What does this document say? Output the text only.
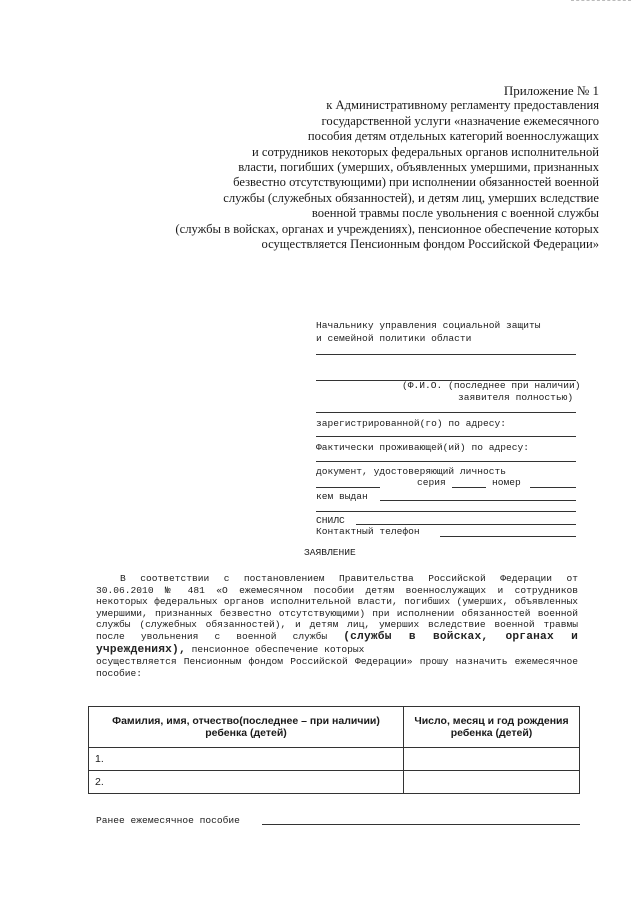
Приложение № 1
к Административному регламенту предоставления
государственной услуги «назначение ежемесячного
пособия детям отдельных категорий военнослужащих
и сотрудников некоторых федеральных органов исполнительной
власти, погибших (умерших, объявленных умершими, признанных
безвестно отсутствующими) при исполнении обязанностей военной
службы (служебных обязанностей), и детям лиц, умерших вследствие
военной травмы после увольнения с военной службы
(службы в войсках, органах и учреждениях), пенсионное обеспечение которых
осуществляется Пенсионным фондом Российской Федерации»
Начальнику управления социальной защиты
и семейной политики области
(Ф.И.О. (последнее при наличии)
заявителя полностью)
зарегистрированной(го) по адресу:
Фактически проживающей(ий) по адресу:
документ, удостоверяющий личность
серия	номер
кем выдан
СНИЛС
Контактный телефон
ЗАЯВЛЕНИЕ
В соответствии с постановлением Правительства Российской Федерации от 30.06.2010 № 481 «О ежемесячном пособии детям военнослужащих и сотрудников некоторых федеральных органов исполнительной власти, погибших (умерших, объявленных умершими, признанных безвестно отсутствующими) при исполнении обязанностей военной службы (служебных обязанностей), и детям лиц, умерших вследствие военной травмы после увольнения с военной службы (службы в войсках, органах и учреждениях), пенсионное обеспечение которых
осуществляется Пенсионным фондом Российской Федерации» прошу назначить ежемесячное пособие:
Фамилия, имя, отчество(последнее – при наличии) ребенка (детей)	Число, месяц и год рождения ребенка (детей)
1.	
2.	
Ранее ежемесячное пособие
